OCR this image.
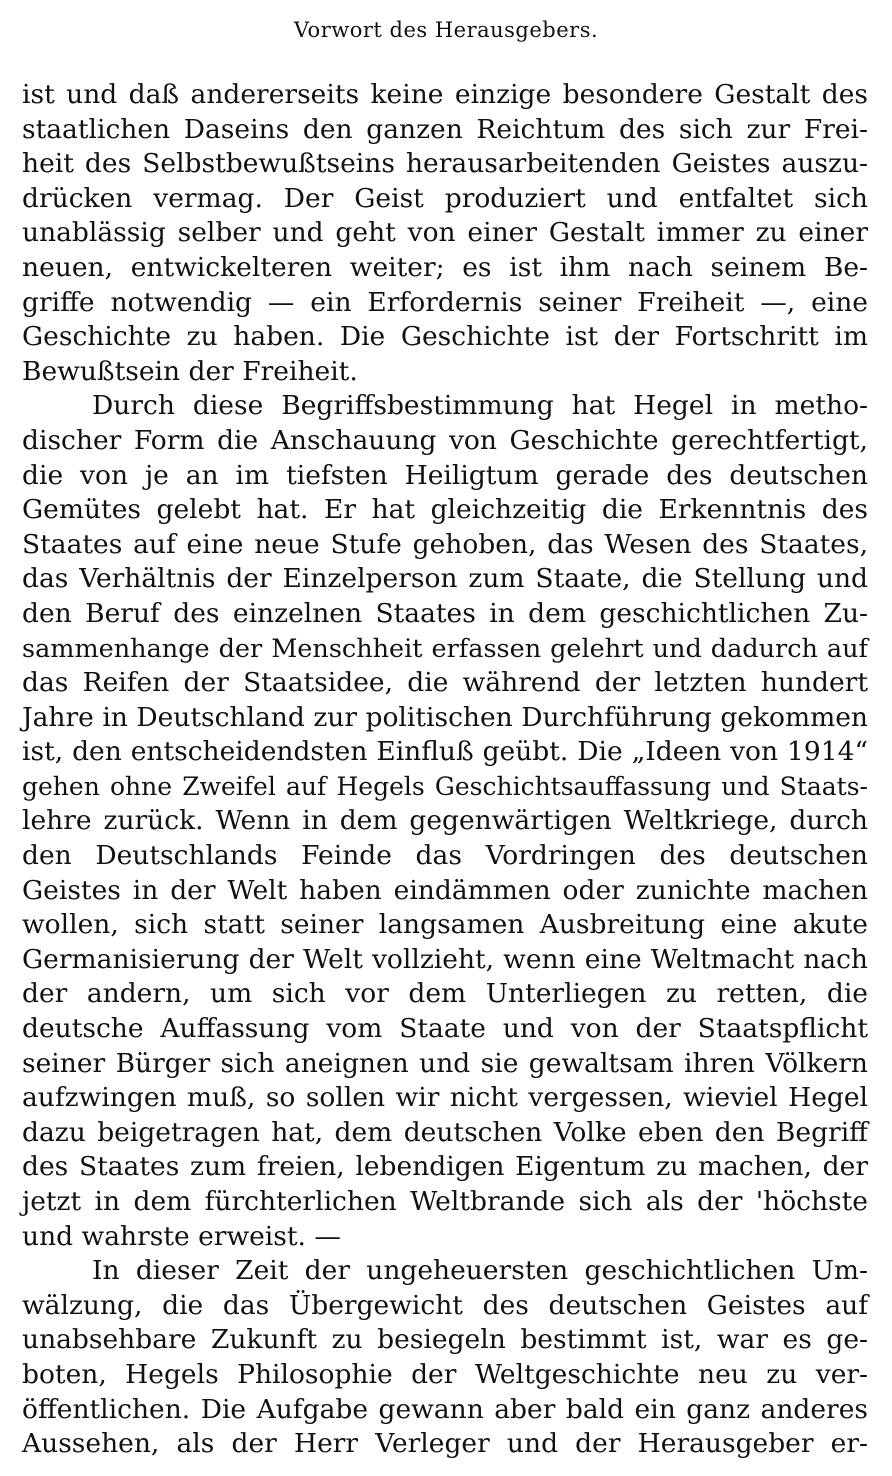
Vorwort des Herausgebers.
ist und daß andererseits keine einzige besondere Gestalt des
staatlichen Daseins den ganzen Reichtum des sich zur Frei-
heit des Selbstbewußtseins herausarbeitenden Geistes auszu-
drücken vermag. Der Geist produziert und entfaltet sich
unablässig selber und geht von einer Gestalt immer zu einer
neuen, entwickelteren weiter; es ist ihm nach seinem Be-
griffe notwendig — ein Erfordernis seiner Freiheit —, eine
Geschichte zu haben. Die Geschichte ist der Fortschritt im
Bewußtsein der Freiheit.
Durch diese Begriffsbestimmung hat Hegel in metho-
discher Form die Anschauung von Geschichte gerechtfertigt,
die von je an im tiefsten Heiligtum gerade des deutschen
Gemütes gelebt hat. Er hat gleichzeitig die Erkenntnis des
Staates auf eine neue Stufe gehoben, das Wesen des Staates,
das Verhältnis der Einzelperson zum Staate, die Stellung und
den Beruf des einzelnen Staates in dem geschichtlichen Zu-
sammenhange der Menschheit erfassen gelehrt und dadurch auf
das Reifen der Staatsidee, die während der letzten hundert
Jahre in Deutschland zur politischen Durchführung gekommen
ist, den entscheidendsten Einfluß geübt. Die „Ideen von 1914“
gehen ohne Zweifel auf Hegels Geschichtsauffassung und Staats-
lehre zurück. Wenn in dem gegenwärtigen Weltkriege, durch
den Deutschlands Feinde das Vordringen des deutschen
Geistes in der Welt haben eindämmen oder zunichte machen
wollen, sich statt seiner langsamen Ausbreitung eine akute
Germanisierung der Welt vollzieht, wenn eine Weltmacht nach
der andern, um sich vor dem Unterliegen zu retten, die
deutsche Auffassung vom Staate und von der Staatspflicht
seiner Bürger sich aneignen und sie gewaltsam ihren Völkern
aufzwingen muß, so sollen wir nicht vergessen, wieviel Hegel
dazu beigetragen hat, dem deutschen Volke eben den Begriff
des Staates zum freien, lebendigen Eigentum zu machen, der
jetzt in dem fürchterlichen Weltbrande sich als der 'höchste
und wahrste erweist. —
In dieser Zeit der ungeheuersten geschichtlichen Um-
wälzung, die das Übergewicht des deutschen Geistes auf
unabsehbare Zukunft zu besiegeln bestimmt ist, war es ge-
boten, Hegels Philosophie der Weltgeschichte neu zu ver-
öffentlichen. Die Aufgabe gewann aber bald ein ganz anderes
Aussehen, als der Herr Verleger und der Herausgeber er-
